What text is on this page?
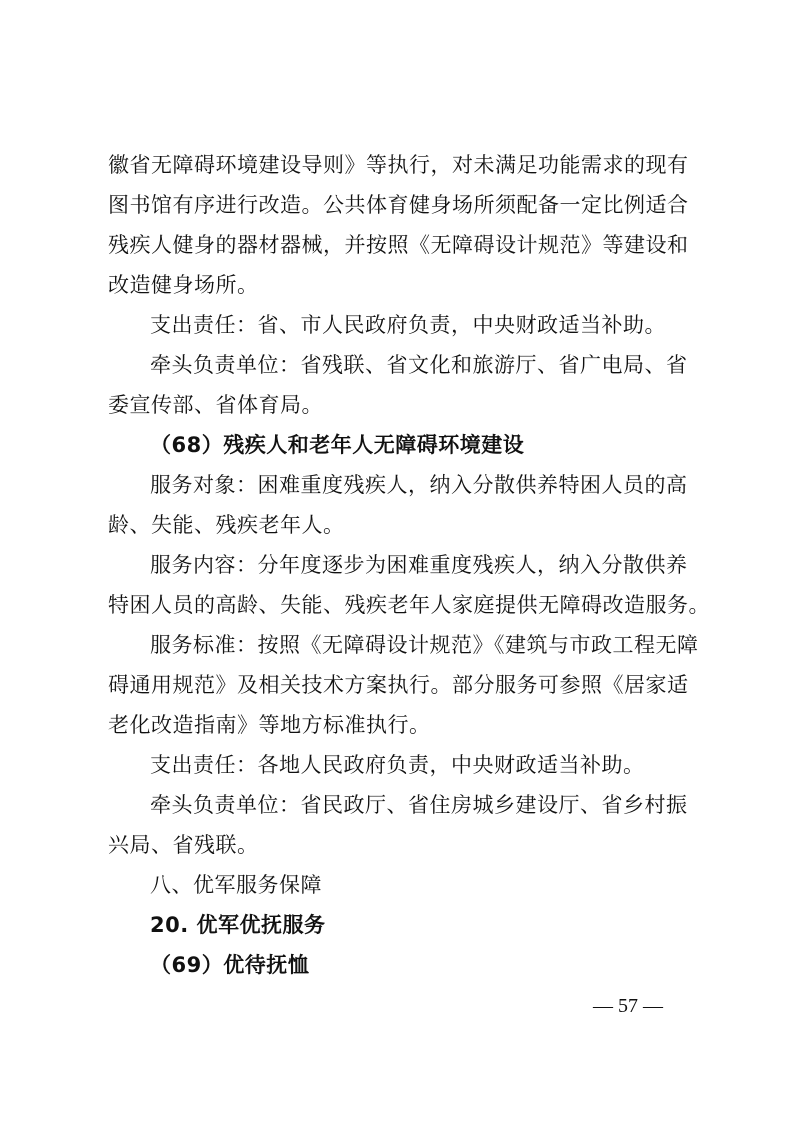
徽省无障碍环境建设导则》等执行，对未满足功能需求的现有
图书馆有序进行改造。公共体育健身场所须配备一定比例适合
残疾人健身的器材器械，并按照《无障碍设计规范》等建设和
改造健身场所。
支出责任：省、市人民政府负责，中央财政适当补助。
牵头负责单位：省残联、省文化和旅游厅、省广电局、省
委宣传部、省体育局。
（68）残疾人和老年人无障碍环境建设
服务对象：困难重度残疾人，纳入分散供养特困人员的高
龄、失能、残疾老年人。
服务内容：分年度逐步为困难重度残疾人，纳入分散供养
特困人员的高龄、失能、残疾老年人家庭提供无障碍改造服务。
服务标准：按照《无障碍设计规范》《建筑与市政工程无障
碍通用规范》及相关技术方案执行。部分服务可参照《居家适
老化改造指南》等地方标准执行。
支出责任：各地人民政府负责，中央财政适当补助。
牵头负责单位：省民政厅、省住房城乡建设厅、省乡村振
兴局、省残联。
八、优军服务保障
20. 优军优抚服务
（69）优待抚恤
— 57 —
